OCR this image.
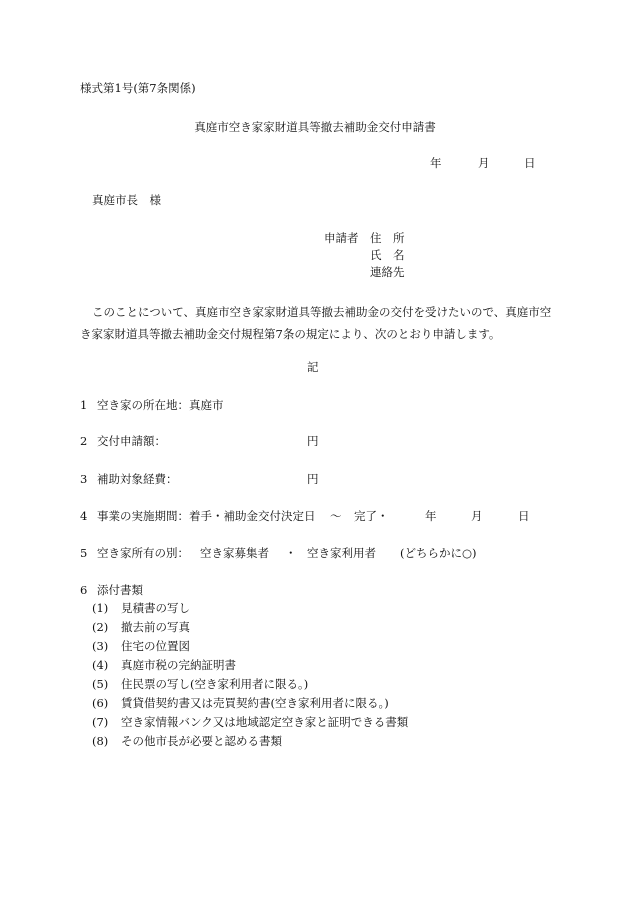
様式第1号(第7条関係)
真庭市空き家家財道具等撤去補助金交付申請書
年	月	日
真庭市長　様
申請者 住　所
氏　名
連絡先
このことについて、真庭市空き家家財道具等撤去補助金の交付を受けたいので、真庭市空き家家財道具等撤去補助金交付規程第7条の規定により、次のとおり申請します。
記
1 空き家の所在地：真庭市
2 交付申請額：	円
3 補助対象経費：	円
4 事業の実施期間：着手・補助金交付決定日 〜 完了・	年	月	日
5 空き家所有の別： 空き家募集者 ・ 空き家利用者 (どちらかに○)
6 添付書類
(1) 見積書の写し
(2) 撤去前の写真
(3) 住宅の位置図
(4) 真庭市税の完納証明書
(5) 住民票の写し(空き家利用者に限る。)
(6) 賃貸借契約書又は売買契約書(空き家利用者に限る。)
(7) 空き家情報バンク又は地域認定空き家と証明できる書類
(8) その他市長が必要と認める書類
